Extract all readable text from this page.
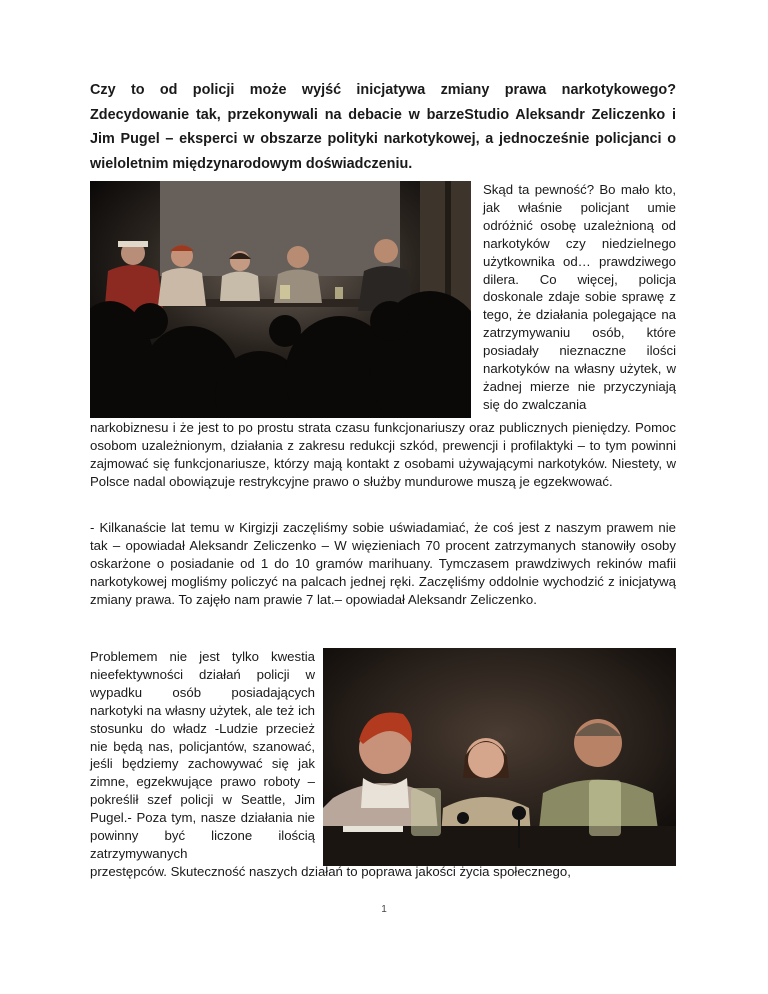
Czy to od policji może wyjść inicjatywa zmiany prawa narkotykowego? Zdecydowanie tak, przekonywali na debacie w barzeStudio Aleksandr Zeliczenko i Jim Pugel – eksperci w obszarze polityki narkotykowej, a jednocześnie policjanci o wieloletnim międzynarodowym doświadczeniu.

Skąd ta pewność? Bo mało kto, jak właśnie policjant umie odróżnić osobę uzależnioną od narkotyków czy niedzielnego użytkownika od… prawdziwego dilera. Co więcej, policja doskonale zdaje sobie sprawę z tego, że działania polegające na zatrzymywaniu osób, które posiadały nieznaczne ilości narkotyków na własny użytek, w żadnej mierze nie przyczyniają się do zwalczania

narkobiznesu i że jest to po prostu strata czasu funkcjonariuszy oraz publicznych pieniędzy. Pomoc osobom uzależnionym, działania z zakresu redukcji szkód, prewencji i profilaktyki – to tym powinni zajmować się funkcjonariusze, którzy mają kontakt z osobami używającymi narkotyków. Niestety, w Polsce nadal obowiązuje restrykcyjne prawo o służby mundurowe muszą je egzekwować.

- Kilkanaście lat temu w Kirgizji zaczęliśmy sobie uświadamiać, że coś jest z naszym prawem nie tak – opowiadał Aleksandr Zeliczenko – W więzieniach 70 procent zatrzymanych stanowiły osoby oskarżone o posiadanie od 1 do 10 gramów marihuany. Tymczasem prawdziwych rekinów mafii narkotykowej mogliśmy policzyć na palcach jednej ręki. Zaczęliśmy oddolnie wychodzić z inicjatywą zmiany prawa. To zajęło nam prawie 7 lat.– opowiadał Aleksandr Zeliczenko.

Problemem nie jest tylko kwestia nieefektywności działań policji w wypadku osób posiadających narkotyki na własny użytek, ale też ich stosunku do władz -Ludzie przecież nie będą nas, policjantów, szanować, jeśli będziemy zachowywać się jak zimne, egzekwujące prawo roboty – pokreślił szef policji w Seattle, Jim Pugel.- Poza tym, nasze działania nie powinny być liczone ilością zatrzymywanych

przestępców. Skuteczność naszych działań to poprawa jakości życia społecznego,

1
